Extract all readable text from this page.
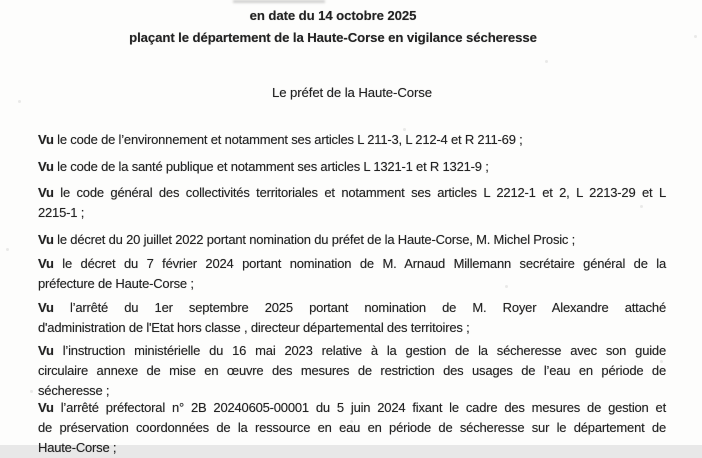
en date du 14 octobre 2025
plaçant le département de la Haute-Corse en vigilance sécheresse
Le préfet de la Haute-Corse
Vu le code de l’environnement et notamment ses articles L 211-3, L 212-4 et R 211-69 ;
Vu le code de la santé publique et notamment ses articles L 1321-1 et R 1321-9 ;
Vu le code général des collectivités territoriales et notamment ses articles L 2212-1 et 2, L 2213-29 et L
2215-1 ;
Vu le décret du 20 juillet 2022 portant nomination du préfet de la Haute-Corse, M. Michel Prosic ;
Vu le décret du 7 février 2024 portant nomination de M. Arnaud Millemann secrétaire général de la
préfecture de Haute-Corse ;
Vu l’arrêté du 1er septembre 2025 portant nomination de M. Royer Alexandre attaché
d'administration de l'Etat hors classe , directeur départemental des territoires ;
Vu l’instruction ministérielle du 16 mai 2023 relative à la gestion de la sécheresse avec son guide
circulaire annexe de mise en œuvre des mesures de restriction des usages de l’eau en période de
sécheresse ;
Vu l’arrêté préfectoral n° 2B 20240605-00001 du 5 juin 2024 fixant le cadre des mesures de gestion et
de préservation coordonnées de la ressource en eau en période de sécheresse sur le département de
Haute-Corse ;
